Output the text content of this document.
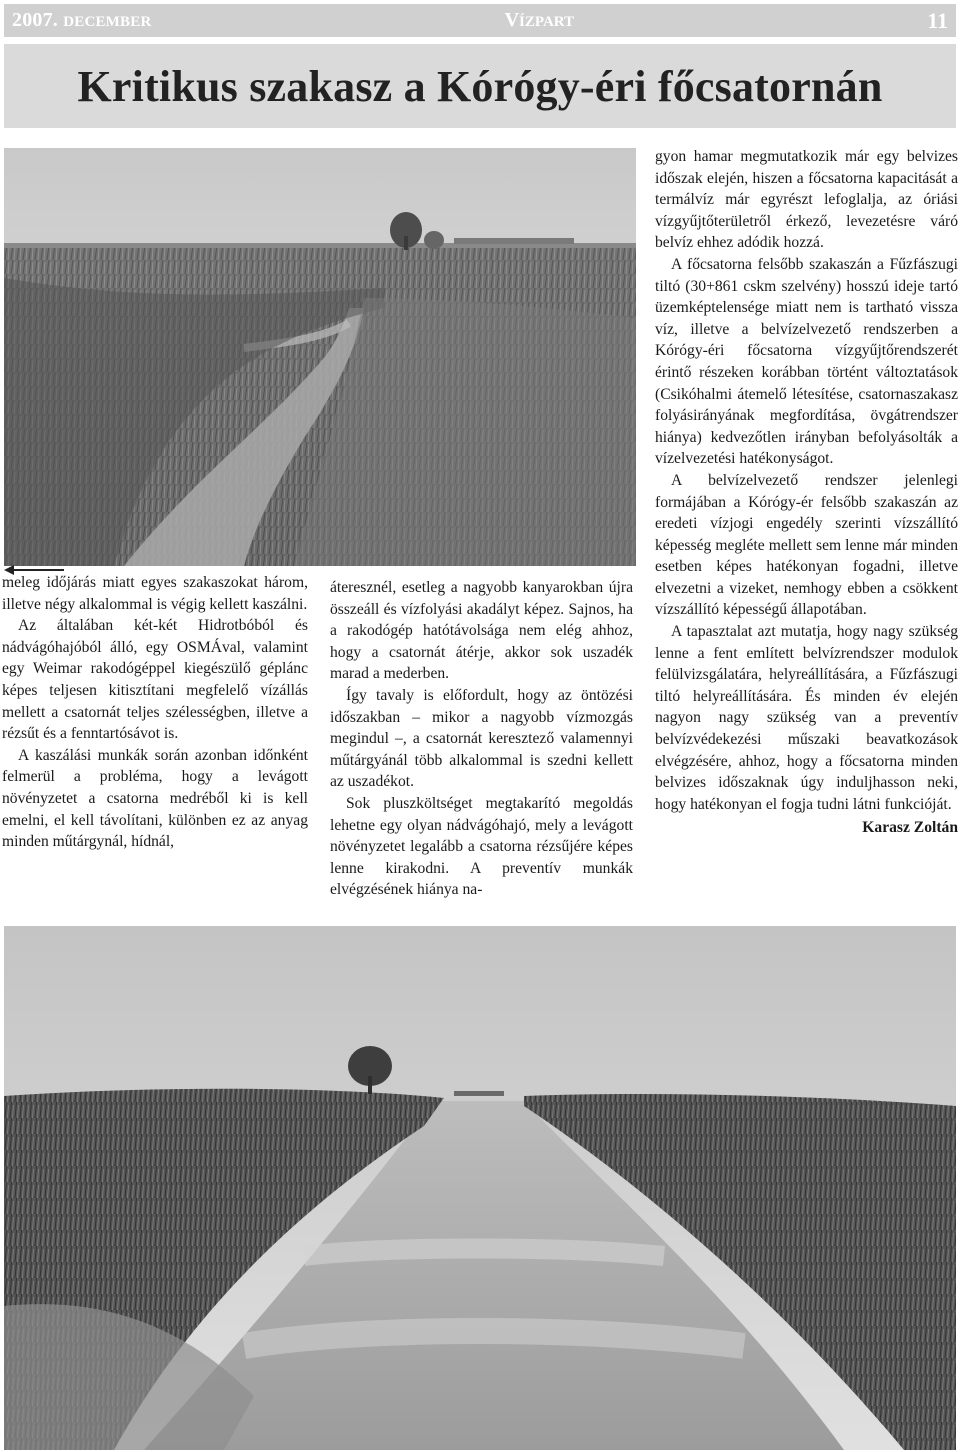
2007. DECEMBER	VÍZPART	11
Kritikus szakasz a Kórógy-éri főcsatornán

meleg időjárás miatt egyes szakaszokat három, illetve négy alkalommal is végig kellett kaszálni.

Az általában két-két Hidrotbóból és nádvágóhajóból álló, egy OSMÁval, valamint egy Weimar rakodógéppel kiegészülő géplánc képes teljesen kitisztítani megfelelő vízállás mellett a csatornát teljes szélességben, illetve a rézsűt és a fenntartósávot is.

A kaszálási munkák során azonban időnként felmerül a probléma, hogy a levágott növényzetet a csatorna medréből ki is kell emelni, el kell távolítani, különben ez az anyag minden műtárgynál, hídnál,

áteresznél, esetleg a nagyobb kanyarokban újra összeáll és vízfolyási akadályt képez. Sajnos, ha a rakodógép hatótávolsága nem elég ahhoz, hogy a csatornát átérje, akkor sok uszadék marad a mederben.

Így tavaly is előfordult, hogy az öntözési időszakban – mikor a nagyobb vízmozgás megindul –, a csatornát keresztező valamennyi műtárgyánál több alkalommal is szedni kellett az uszadékot.

Sok pluszköltséget megtakarító megoldás lehetne egy olyan nádvágóhajó, mely a levágott növényzetet legalább a csatorna rézsűjére képes lenne kirakodni. A preventív munkák elvégzésének hiánya na-

gyon hamar megmutatkozik már egy belvizes időszak elején, hiszen a főcsatorna kapacitását a termálvíz már egyrészt lefoglalja, az óriási vízgyűjtőterületről érkező, levezetésre váró belvíz ehhez adódik hozzá.

A főcsatorna felsőbb szakaszán a Fűzfászugi tiltó (30+861 cskm szelvény) hosszú ideje tartó üzemképtelensége miatt nem is tartható vissza víz, illetve a belvízelvezető rendszerben a Kórógy-éri főcsatorna vízgyűjtőrendszerét érintő részeken korábban történt változtatások (Csikóhalmi átemelő létesítése, csatornaszakasz folyásirányának megfordítása, övgátrendszer hiánya) kedvezőtlen irányban befolyásolták a vízelvezetési hatékonyságot.

A belvízelvezető rendszer jelenlegi formájában a Kórógy-ér felsőbb szakaszán az eredeti vízjogi engedély szerinti vízszállító képesség megléte mellett sem lenne már minden esetben képes hatékonyan fogadni, illetve elvezetni a vizeket, nemhogy ebben a csökkent vízszállító képességű állapotában.

A tapasztalat azt mutatja, hogy nagy szükség lenne a fent említett belvízrendszer modulok felülvizsgálatára, helyreállítására, a Fűzfászugi tiltó helyreállítására. És minden év elején nagyon nagy szükség van a preventív belvízvédekezési műszaki beavatkozások elvégzésére, ahhoz, hogy a főcsatorna minden belvizes időszaknak úgy induljhasson neki, hogy hatékonyan el fogja tudni látni funkcióját.

Karasz Zoltán
